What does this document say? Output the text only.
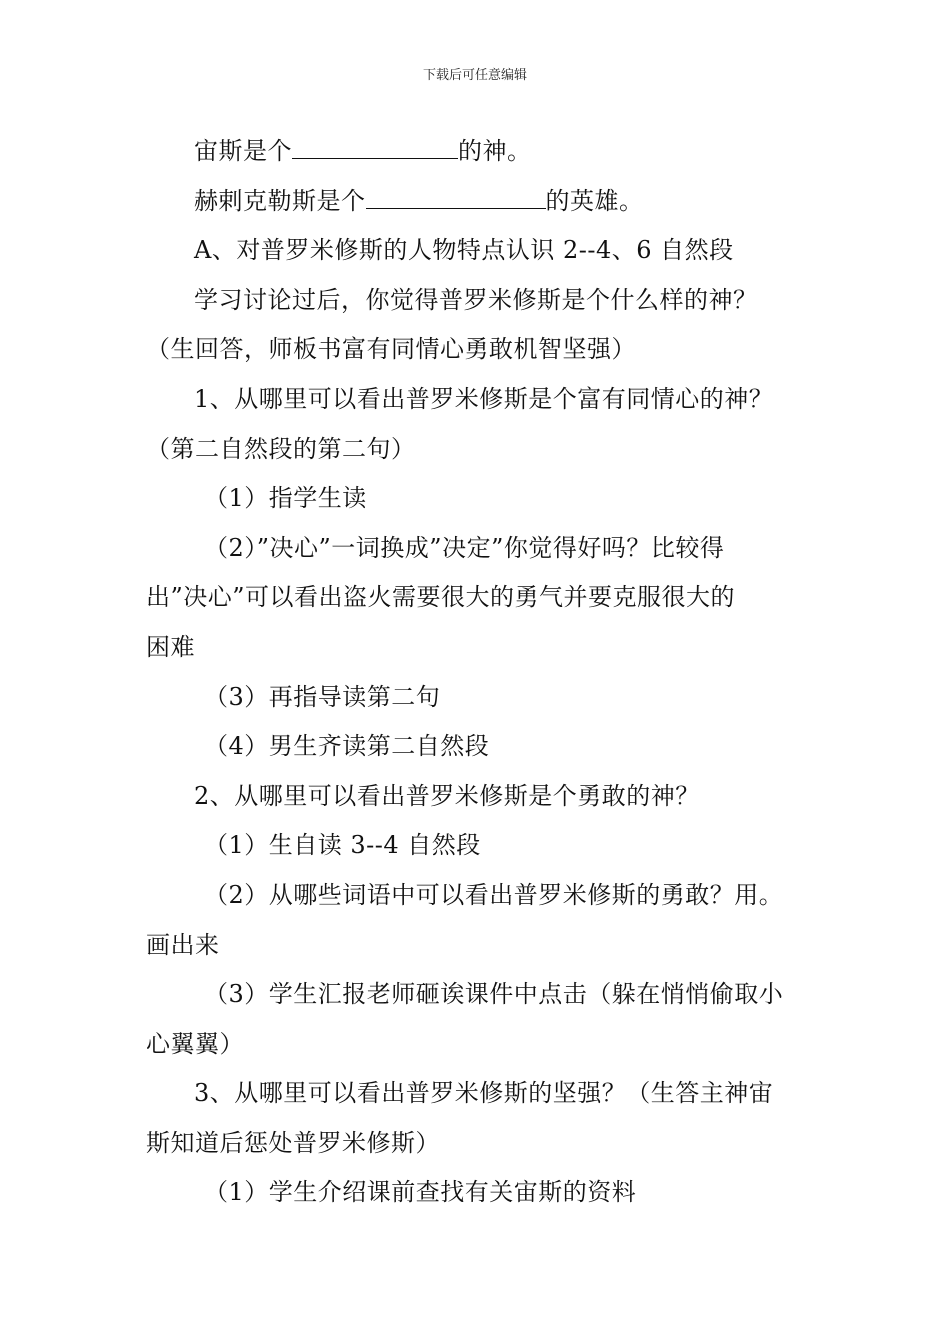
下载后可任意编辑

宙斯是个	的神。

赫剌克勒斯是个	的英雄。

A、对普罗米修斯的人物特点认识 2--4、6 自然段

学习讨论过后，你觉得普罗米修斯是个什么样的神？

（生回答，师板书富有同情心勇敢机智坚强）

1、从哪里可以看出普罗米修斯是个富有同情心的神？

（第二自然段的第二句）

（1）指学生读

（2）”决心”一词换成”决定”你觉得好吗？比较得

出”决心”可以看出盗火需要很大的勇气并要克服很大的

困难

（3）再指导读第二句

（4）男生齐读第二自然段

2、从哪里可以看出普罗米修斯是个勇敢的神？

（1）生自读 3--4 自然段

（2）从哪些词语中可以看出普罗米修斯的勇敢？用。

画出来

（3）学生汇报老师砸诶课件中点击（躲在悄悄偷取小

心翼翼）

3、从哪里可以看出普罗米修斯的坚强？（生答主神宙

斯知道后惩处普罗米修斯）

（1）学生介绍课前查找有关宙斯的资料
